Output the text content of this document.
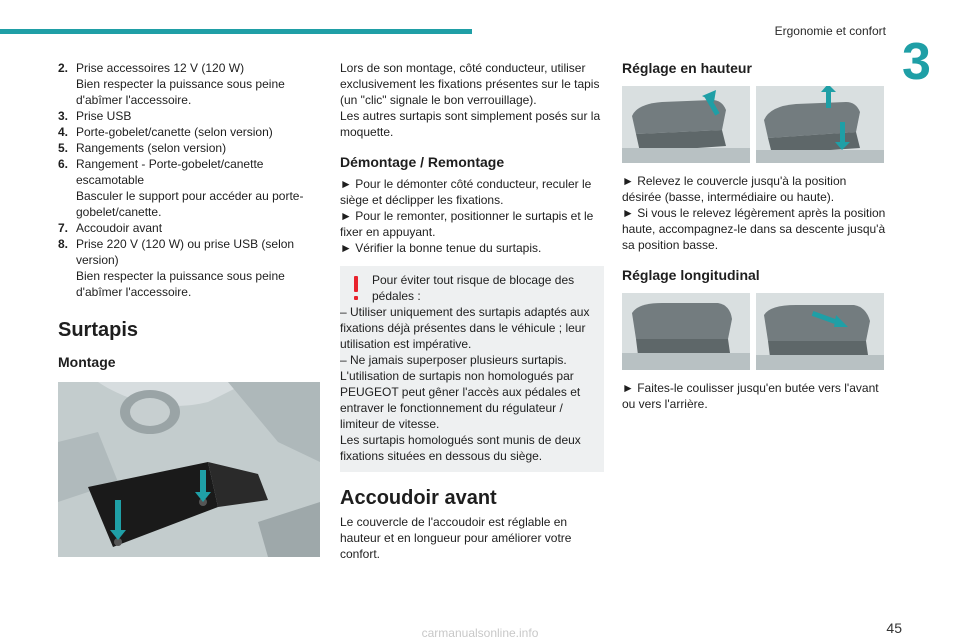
Ergonomie et confort
3
2. Prise accessoires 12 V (120 W)
Bien respecter la puissance sous peine d'abîmer l'accessoire.
3. Prise USB
4. Porte-gobelet/canette (selon version)
5. Rangements (selon version)
6. Rangement - Porte-gobelet/canette escamotable
Basculer le support pour accéder au porte-gobelet/canette.
7. Accoudoir avant
8. Prise 220 V (120 W) ou prise USB (selon version)
Bien respecter la puissance sous peine d'abîmer l'accessoire.
Surtapis
Montage
Lors de son montage, côté conducteur, utiliser exclusivement les fixations présentes sur le tapis (un "clic" signale le bon verrouillage).
Les autres surtapis sont simplement posés sur la moquette.
Démontage / Remontage
► Pour le démonter côté conducteur, reculer le siège et déclipper les fixations.
► Pour le remonter, positionner le surtapis et le fixer en appuyant.
► Vérifier la bonne tenue du surtapis.
Pour éviter tout risque de blocage des pédales :
– Utiliser uniquement des surtapis adaptés aux fixations déjà présentes dans le véhicule ; leur utilisation est impérative.
– Ne jamais superposer plusieurs surtapis.
L'utilisation de surtapis non homologués par PEUGEOT peut gêner l'accès aux pédales et entraver le fonctionnement du régulateur / limiteur de vitesse.
Les surtapis homologués sont munis de deux fixations situées en dessous du siège.
Accoudoir avant
Le couvercle de l'accoudoir est réglable en hauteur et en longueur pour améliorer votre confort.
Réglage en hauteur
► Relevez le couvercle jusqu'à la position désirée (basse, intermédiaire ou haute).
► Si vous le relevez légèrement après la position haute, accompagnez-le dans sa descente jusqu'à sa position basse.
Réglage longitudinal
► Faites-le coulisser jusqu'en butée vers l'avant ou vers l'arrière.
45
carmanualsonline.info
